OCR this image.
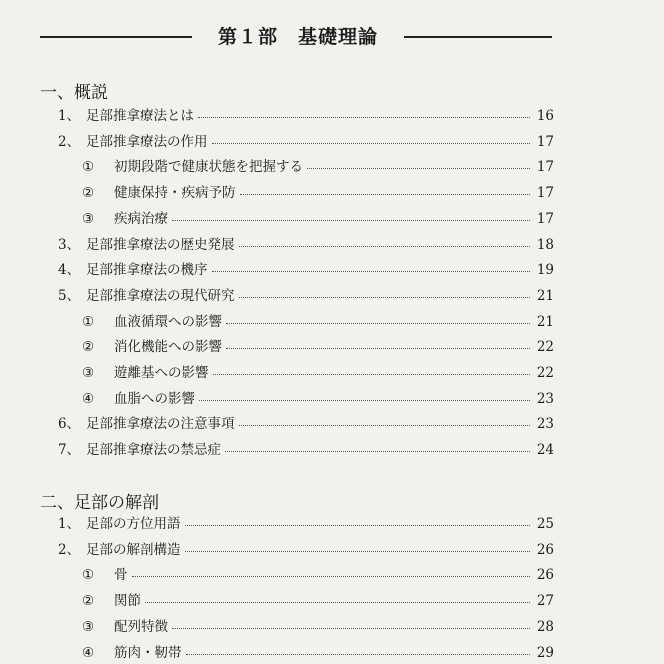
第１部　基礎理論
一、概説
1、 足部推拿療法とは	16
2、 足部推拿療法の作用	17
①	初期段階で健康状態を把握する	17
②	健康保持・疾病予防	17
③	疾病治療	17
3、 足部推拿療法の歴史発展	18
4、 足部推拿療法の機序	19
5、 足部推拿療法の現代研究	21
①	血液循環への影響	21
②	消化機能への影響	22
③	遊離基への影響	22
④	血脂への影響	23
6、 足部推拿療法の注意事項	23
7、 足部推拿療法の禁忌症	24
二、足部の解剖
1、 足部の方位用語	25
2、 足部の解剖構造	26
①	骨	26
②	関節	27
③	配列特徴	28
④	筋肉・靭帯	29
